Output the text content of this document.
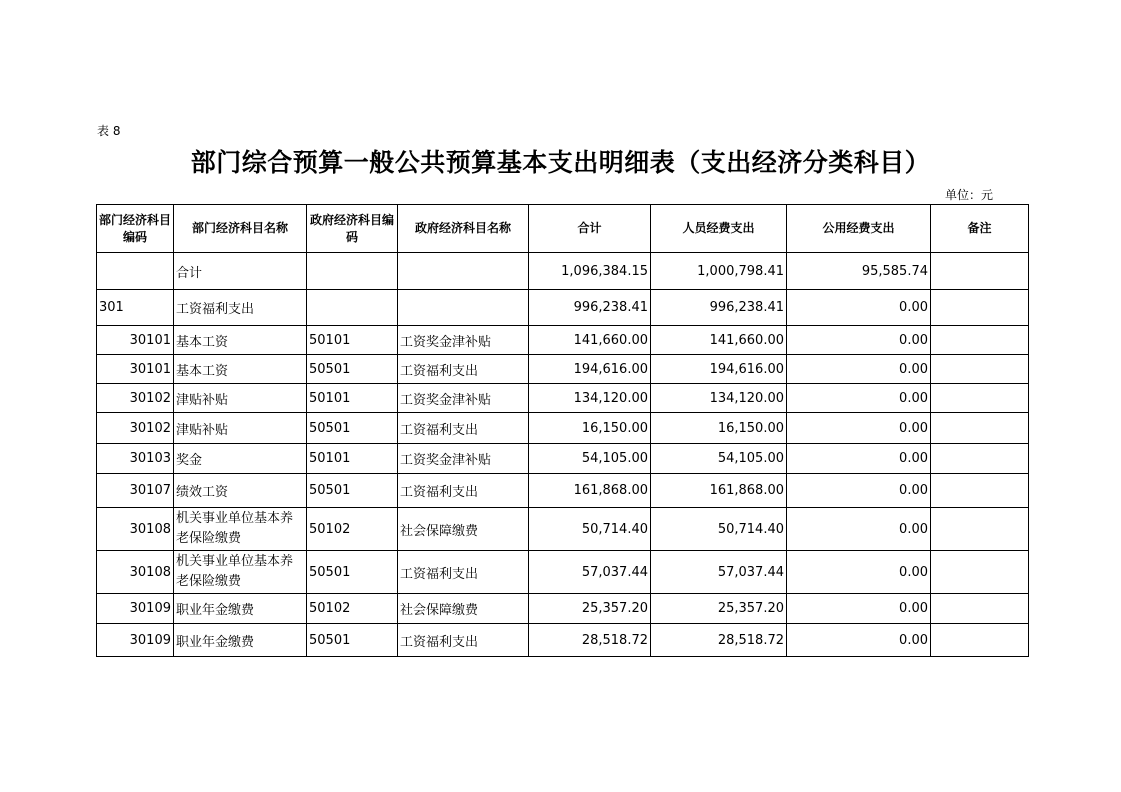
表 8
部门综合预算一般公共预算基本支出明细表（支出经济分类科目）
单位：元
部门经济科目编码	部门经济科目名称	政府经济科目编码	政府经济科目名称	合计	人员经费支出	公用经费支出	备注
	合计			1,096,384.15	1,000,798.41	95,585.74	
301	工资福利支出			996,238.41	996,238.41	0.00	
30101	基本工资	50101	工资奖金津补贴	141,660.00	141,660.00	0.00	
30101	基本工资	50501	工资福利支出	194,616.00	194,616.00	0.00	
30102	津贴补贴	50101	工资奖金津补贴	134,120.00	134,120.00	0.00	
30102	津贴补贴	50501	工资福利支出	16,150.00	16,150.00	0.00	
30103	奖金	50101	工资奖金津补贴	54,105.00	54,105.00	0.00	
30107	绩效工资	50501	工资福利支出	161,868.00	161,868.00	0.00	
30108	机关事业单位基本养老保险缴费	50102	社会保障缴费	50,714.40	50,714.40	0.00	
30108	机关事业单位基本养老保险缴费	50501	工资福利支出	57,037.44	57,037.44	0.00	
30109	职业年金缴费	50102	社会保障缴费	25,357.20	25,357.20	0.00	
30109	职业年金缴费	50501	工资福利支出	28,518.72	28,518.72	0.00	
